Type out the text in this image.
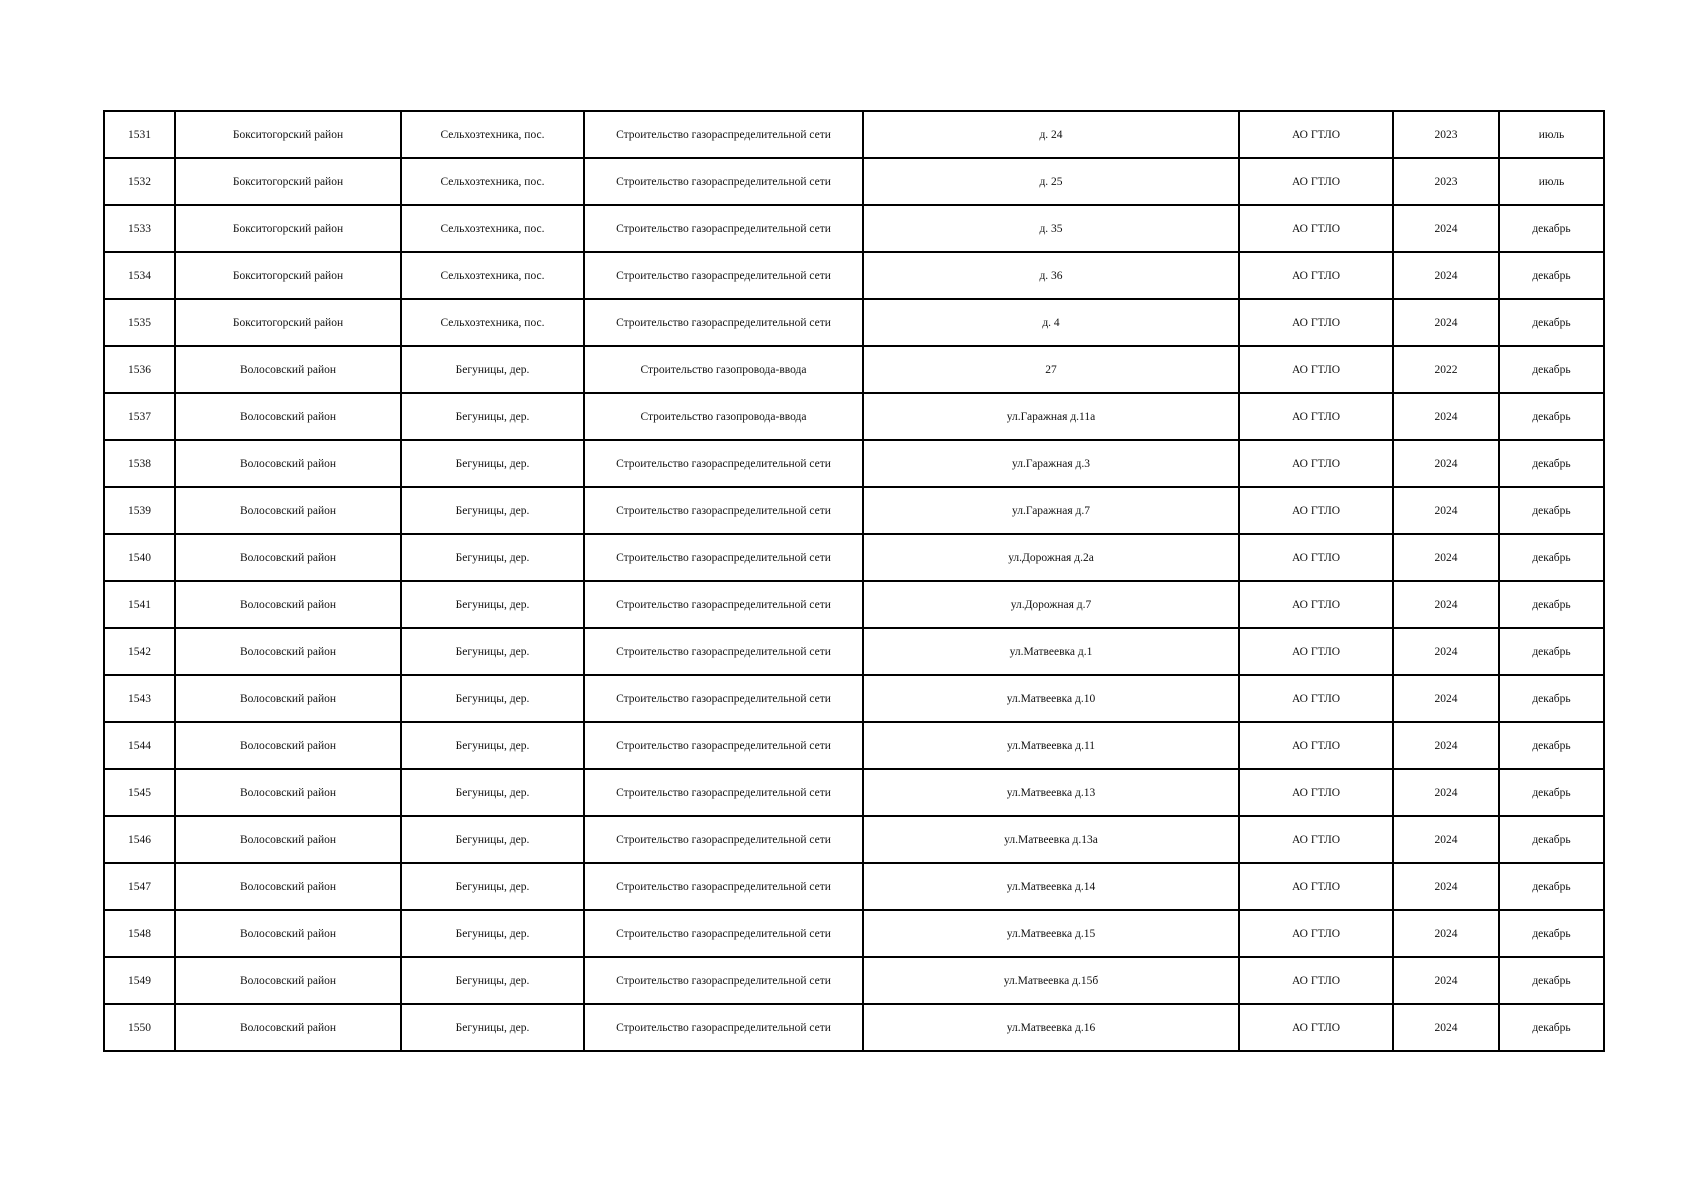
1531	Бокситогорский район	Сельхозтехника, пос.	Строительство газораспределительной сети	д. 24	АО ГТЛО	2023	июль
1532	Бокситогорский район	Сельхозтехника, пос.	Строительство газораспределительной сети	д. 25	АО ГТЛО	2023	июль
1533	Бокситогорский район	Сельхозтехника, пос.	Строительство газораспределительной сети	д. 35	АО ГТЛО	2024	декабрь
1534	Бокситогорский район	Сельхозтехника, пос.	Строительство газораспределительной сети	д. 36	АО ГТЛО	2024	декабрь
1535	Бокситогорский район	Сельхозтехника, пос.	Строительство газораспределительной сети	д. 4	АО ГТЛО	2024	декабрь
1536	Волосовский район	Бегуницы, дер.	Строительство газопровода-ввода	27	АО ГТЛО	2022	декабрь
1537	Волосовский район	Бегуницы, дер.	Строительство газопровода-ввода	ул.Гаражная д.11а	АО ГТЛО	2024	декабрь
1538	Волосовский район	Бегуницы, дер.	Строительство газораспределительной сети	ул.Гаражная д.3	АО ГТЛО	2024	декабрь
1539	Волосовский район	Бегуницы, дер.	Строительство газораспределительной сети	ул.Гаражная д.7	АО ГТЛО	2024	декабрь
1540	Волосовский район	Бегуницы, дер.	Строительство газораспределительной сети	ул.Дорожная д.2а	АО ГТЛО	2024	декабрь
1541	Волосовский район	Бегуницы, дер.	Строительство газораспределительной сети	ул.Дорожная д.7	АО ГТЛО	2024	декабрь
1542	Волосовский район	Бегуницы, дер.	Строительство газораспределительной сети	ул.Матвеевка д.1	АО ГТЛО	2024	декабрь
1543	Волосовский район	Бегуницы, дер.	Строительство газораспределительной сети	ул.Матвеевка д.10	АО ГТЛО	2024	декабрь
1544	Волосовский район	Бегуницы, дер.	Строительство газораспределительной сети	ул.Матвеевка д.11	АО ГТЛО	2024	декабрь
1545	Волосовский район	Бегуницы, дер.	Строительство газораспределительной сети	ул.Матвеевка д.13	АО ГТЛО	2024	декабрь
1546	Волосовский район	Бегуницы, дер.	Строительство газораспределительной сети	ул.Матвеевка д.13а	АО ГТЛО	2024	декабрь
1547	Волосовский район	Бегуницы, дер.	Строительство газораспределительной сети	ул.Матвеевка д.14	АО ГТЛО	2024	декабрь
1548	Волосовский район	Бегуницы, дер.	Строительство газораспределительной сети	ул.Матвеевка д.15	АО ГТЛО	2024	декабрь
1549	Волосовский район	Бегуницы, дер.	Строительство газораспределительной сети	ул.Матвеевка д.15б	АО ГТЛО	2024	декабрь
1550	Волосовский район	Бегуницы, дер.	Строительство газораспределительной сети	ул.Матвеевка д.16	АО ГТЛО	2024	декабрь
